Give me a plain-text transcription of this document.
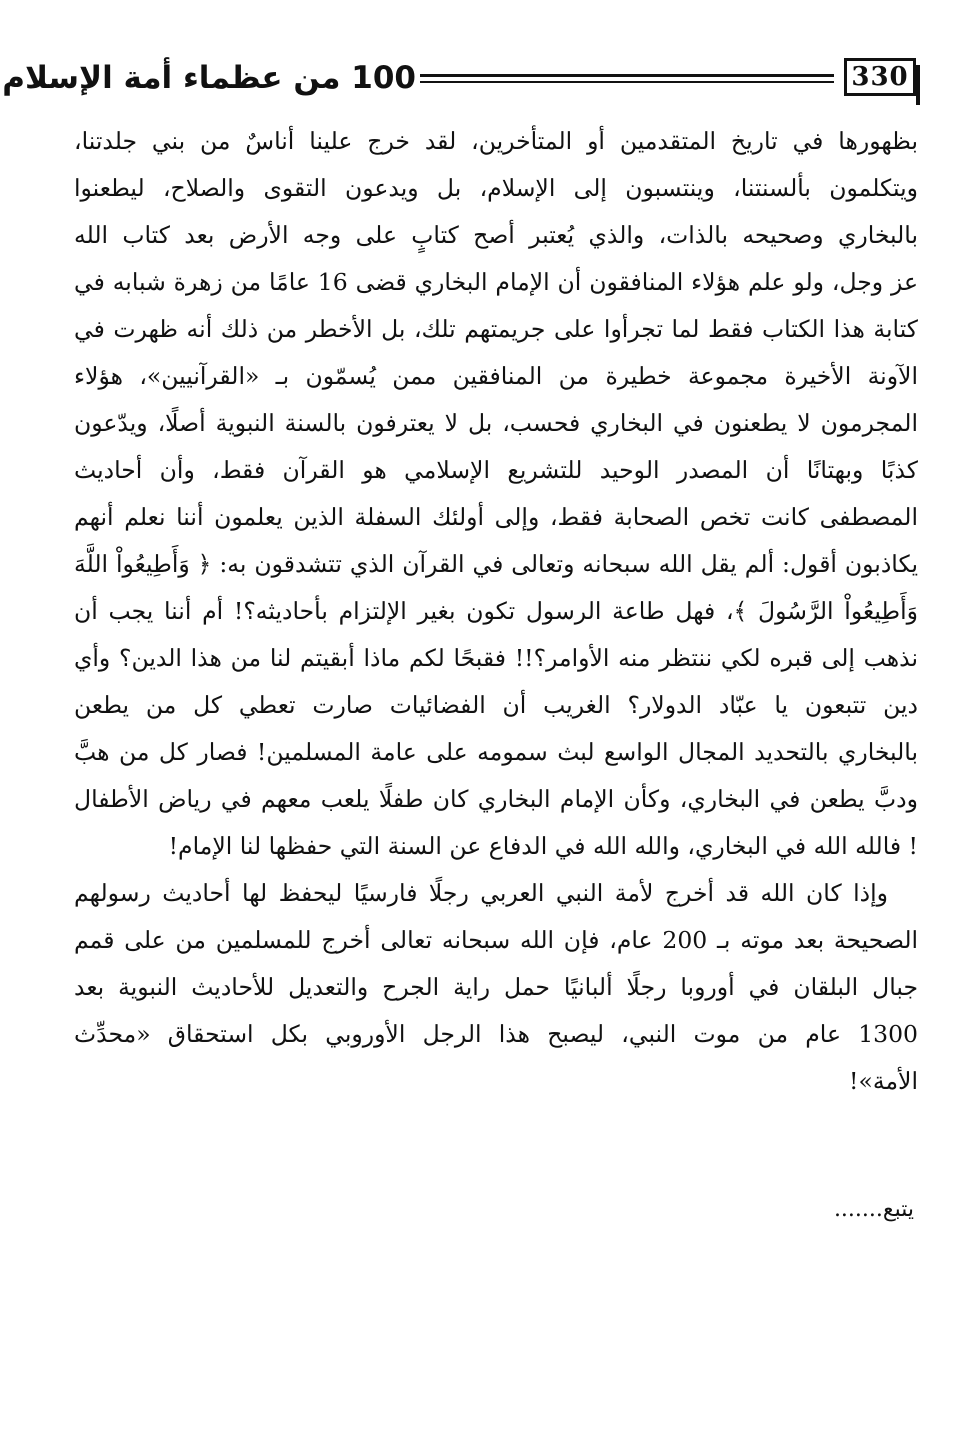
100 من عظماء أمة الإسلام	330
بظهورها في تاريخ المتقدمين أو المتأخرين، لقد خرج علينا أناسٌ من بني جلدتنا،
ويتكلمون بألسنتنا، وينتسبون إلى الإسلام، بل ويدعون التقوى والصلاح، ليطعنوا
بالبخاري وصحيحه بالذات، والذي يُعتبر أصح كتابٍ على وجه الأرض بعد كتاب الله
عز وجل، ولو علم هؤلاء المنافقون أن الإمام البخاري قضى 16 عامًا من زهرة شبابه في
كتابة هذا الكتاب فقط لما تجرأوا على جريمتهم تلك، بل الأخطر من ذلك أنه ظهرت في
الآونة الأخيرة مجموعة خطيرة من المنافقين ممن يُسمّون بـ «القرآنيين»، هؤلاء
المجرمون لا يطعنون في البخاري فحسب، بل لا يعترفون بالسنة النبوية أصلًا، ويدّعون
كذبًا وبهتانًا أن المصدر الوحيد للتشريع الإسلامي هو القرآن فقط، وأن أحاديث
المصطفى كانت تخص الصحابة فقط، وإلى أولئك السفلة الذين يعلمون أننا نعلم أنهم
يكاذبون أقول: ألم يقل الله سبحانه وتعالى في القرآن الذي تتشدقون به: ﴿ وَأَطِيعُواْ اللَّهَ
وَأَطِيعُواْ الرَّسُولَ ﴾، فهل طاعة الرسول تكون بغير الإلتزام بأحاديثه؟! أم أننا يجب أن
نذهب إلى قبره لكي ننتظر منه الأوامر؟!! فقبحًا لكم ماذا أبقيتم لنا من هذا الدين؟ وأي
دين تتبعون يا عبّاد الدولار؟ الغريب أن الفضائيات صارت تعطي كل من يطعن
بالبخاري بالتحديد المجال الواسع لبث سمومه على عامة المسلمين! فصار كل من هبَّ
ودبَّ يطعن في البخاري، وكأن الإمام البخاري كان طفلًا يلعب معهم في رياض الأطفال
! فالله الله في البخاري، والله الله في الدفاع عن السنة التي حفظها لنا الإمام!
وإذا كان الله قد أخرج لأمة النبي العربي رجلًا فارسيًا ليحفظ لها أحاديث رسولهم
الصحيحة بعد موته بـ 200 عام، فإن الله سبحانه تعالى أخرج للمسلمين من على قمم
جبال البلقان في أوروبا رجلًا ألبانيًا حمل راية الجرح والتعديل للأحاديث النبوية بعد
1300 عام من موت النبي، ليصبح هذا الرجل الأوروبي بكل استحقاق «محدِّث
الأمة»!
يتبع.......
